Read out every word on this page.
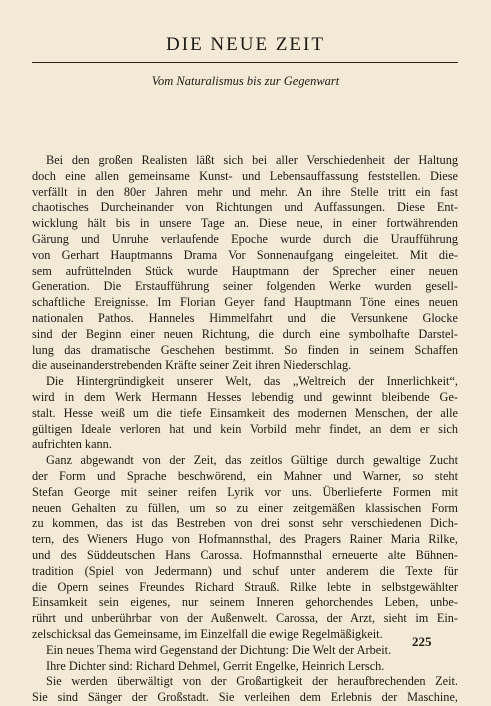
DIE NEUE ZEIT
Vom Naturalismus bis zur Gegenwart
Bei den großen Realisten läßt sich bei aller Verschiedenheit der Haltung
doch eine allen gemeinsame Kunst- und Lebensauffassung feststellen. Diese
verfällt in den 80er Jahren mehr und mehr. An ihre Stelle tritt ein fast
chaotisches Durcheinander von Richtungen und Auffassungen. Diese Ent-
wicklung hält bis in unsere Tage an. Diese neue, in einer fortwährenden
Gärung und Unruhe verlaufende Epoche wurde durch die Uraufführung
von Gerhart Hauptmanns Drama Vor Sonnenaufgang eingeleitet. Mit die-
sem aufrüttelnden Stück wurde Hauptmann der Sprecher einer neuen
Generation. Die Erstaufführung seiner folgenden Werke wurden gesell-
schaftliche Ereignisse. Im Florian Geyer fand Hauptmann Töne eines neuen
nationalen Pathos. Hanneles Himmelfahrt und die Versunkene Glocke
sind der Beginn einer neuen Richtung, die durch eine symbolhafte Darstel-
lung das dramatische Geschehen bestimmt. So finden in seinem Schaffen
die auseinanderstrebenden Kräfte seiner Zeit ihren Niederschlag.
Die Hintergründigkeit unserer Welt, das „Weltreich der Innerlichkeit“,
wird in dem Werk Hermann Hesses lebendig und gewinnt bleibende Ge-
stalt. Hesse weiß um die tiefe Einsamkeit des modernen Menschen, der alle
gültigen Ideale verloren hat und kein Vorbild mehr findet, an dem er sich
aufrichten kann.
Ganz abgewandt von der Zeit, das zeitlos Gültige durch gewaltige Zucht
der Form und Sprache beschwörend, ein Mahner und Warner, so steht
Stefan George mit seiner reifen Lyrik vor uns. Überlieferte Formen mit
neuen Gehalten zu füllen, um so zu einer zeitgemäßen klassischen Form
zu kommen, das ist das Bestreben von drei sonst sehr verschiedenen Dich-
tern, des Wieners Hugo von Hofmannsthal, des Pragers Rainer Maria Rilke,
und des Süddeutschen Hans Carossa. Hofmannsthal erneuerte alte Bühnen-
tradition (Spiel von Jedermann) und schuf unter anderem die Texte für
die Opern seines Freundes Richard Strauß. Rilke lebte in selbstgewählter
Einsamkeit sein eigenes, nur seinem Inneren gehorchendes Leben, unbe-
rührt und unberührbar von der Außenwelt. Carossa, der Arzt, sieht im Ein-
zelschicksal das Gemeinsame, im Einzelfall die ewige Regelmäßigkeit.
Ein neues Thema wird Gegenstand der Dichtung: Die Welt der Arbeit.
Ihre Dichter sind: Richard Dehmel, Gerrit Engelke, Heinrich Lersch.
Sie werden überwältigt von der Großartigkeit der heraufbrechenden Zeit.
Sie sind Sänger der Großstadt. Sie verleihen dem Erlebnis der Maschine,
225
